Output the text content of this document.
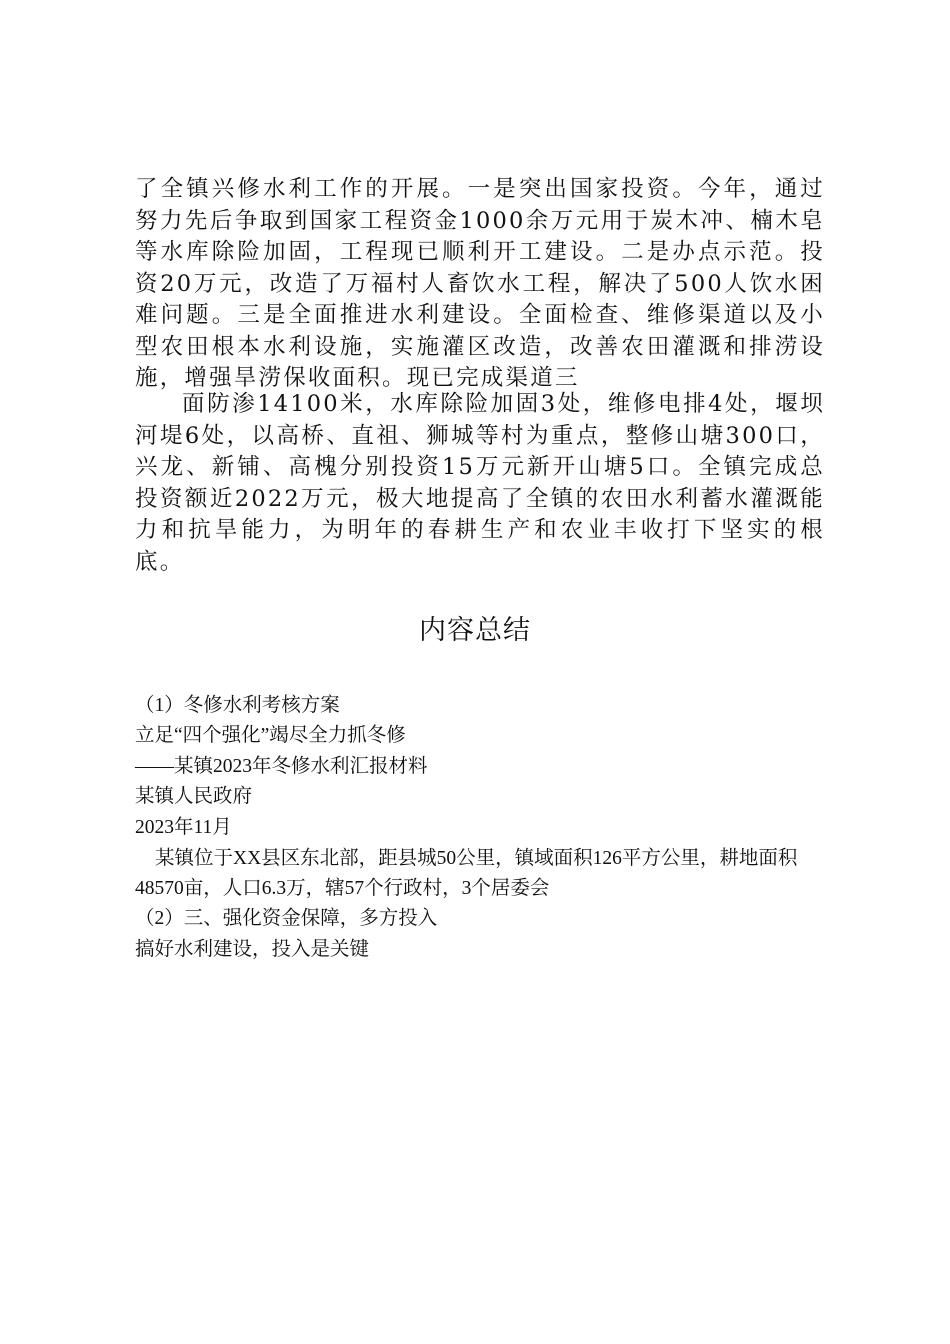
了全镇兴修水利工作的开展。一是突出国家投资。今年，通过努力先后争取到国家工程资金1000余万元用于炭木冲、楠木皂等水库除险加固，工程现已顺利开工建设。二是办点示范。投资20万元，改造了万福村人畜饮水工程，解决了500人饮水困难问题。三是全面推进水利建设。全面检查、维修渠道以及小型农田根本水利设施，实施灌区改造，改善农田灌溉和排涝设施，增强旱涝保收面积。现已完成渠道三

面防渗14100米，水库除险加固3处，维修电排4处，堰坝河堤6处，以高桥、直祖、狮城等村为重点，整修山塘300口，兴龙、新铺、高槐分别投资15万元新开山塘5口。全镇完成总投资额近2022万元，极大地提高了全镇的农田水利蓄水灌溉能力和抗旱能力，为明年的春耕生产和农业丰收打下坚实的根底。

内容总结
（1）冬修水利考核方案
立足“四个强化”竭尽全力抓冬修
——某镇2023年冬修水利汇报材料
某镇人民政府
2023年11月
某镇位于XX县区东北部，距县城50公里，镇域面积126平方公里，耕地面积48570亩，人口6.3万，辖57个行政村，3个居委会
（2）三、强化资金保障，多方投入
搞好水利建设，投入是关键
